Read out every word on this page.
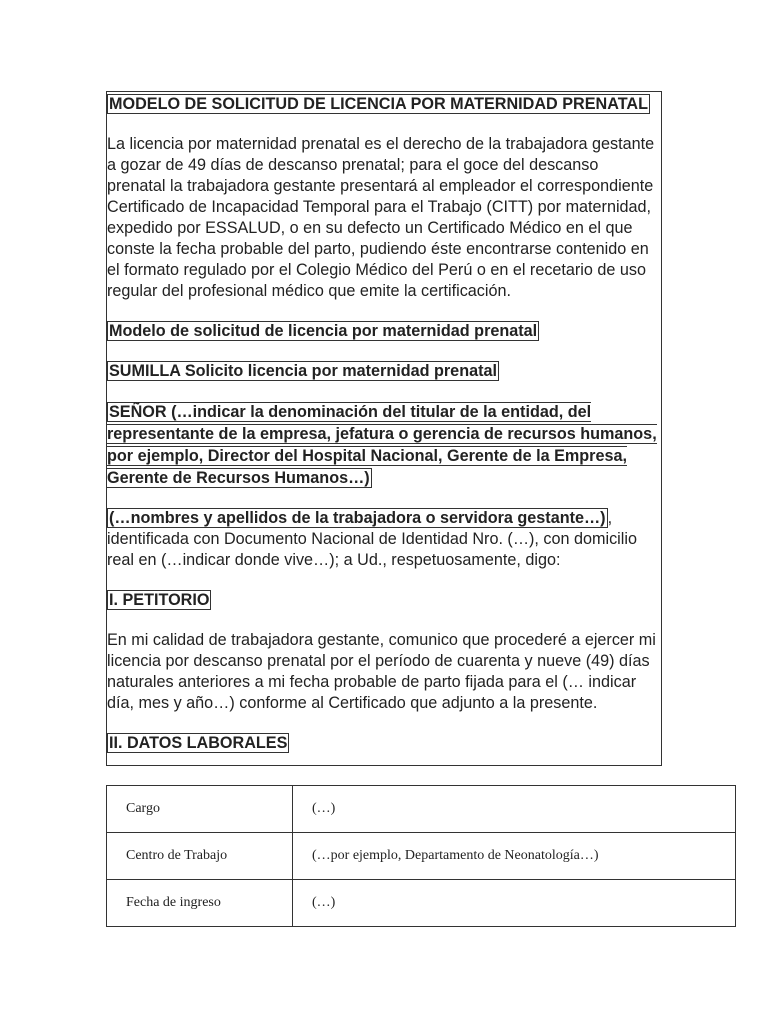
MODELO DE SOLICITUD DE LICENCIA POR MATERNIDAD PRENATAL

La licencia por maternidad prenatal es el derecho de la trabajadora gestante a gozar de 49 días de descanso prenatal; para el goce del descanso prenatal la trabajadora gestante presentará al empleador el correspondiente Certificado de Incapacidad Temporal para el Trabajo (CITT) por maternidad, expedido por ESSALUD, o en su defecto un Certificado Médico en el que conste la fecha probable del parto, pudiendo éste encontrarse contenido en el formato regulado por el Colegio Médico del Perú o en el recetario de uso regular del profesional médico que emite la certificación.

Modelo de solicitud de licencia por maternidad prenatal

SUMILLA Solicito licencia por maternidad prenatal

SEÑOR (…indicar la denominación del titular de la entidad, del representante de la empresa, jefatura o gerencia de recursos humanos, por ejemplo, Director del Hospital Nacional, Gerente de la Empresa, Gerente de Recursos Humanos…)

(…nombres y apellidos de la trabajadora o servidora gestante…) , identificada con Documento Nacional de Identidad Nro. (…), con domicilio real en (…indicar donde vive…); a Ud., respetuosamente, digo:

I. PETITORIO

En mi calidad de trabajadora gestante, comunico que procederé a ejercer mi licencia por descanso prenatal por el período de cuarenta y nueve (49) días naturales anteriores a mi fecha probable de parto fijada para el (… indicar día, mes y año…) conforme al Certificado que adjunto a la presente.

II. DATOS LABORALES

Cargo	(…)
Centro de Trabajo	(…por ejemplo, Departamento de Neonatología…)
Fecha de ingreso	(…)
